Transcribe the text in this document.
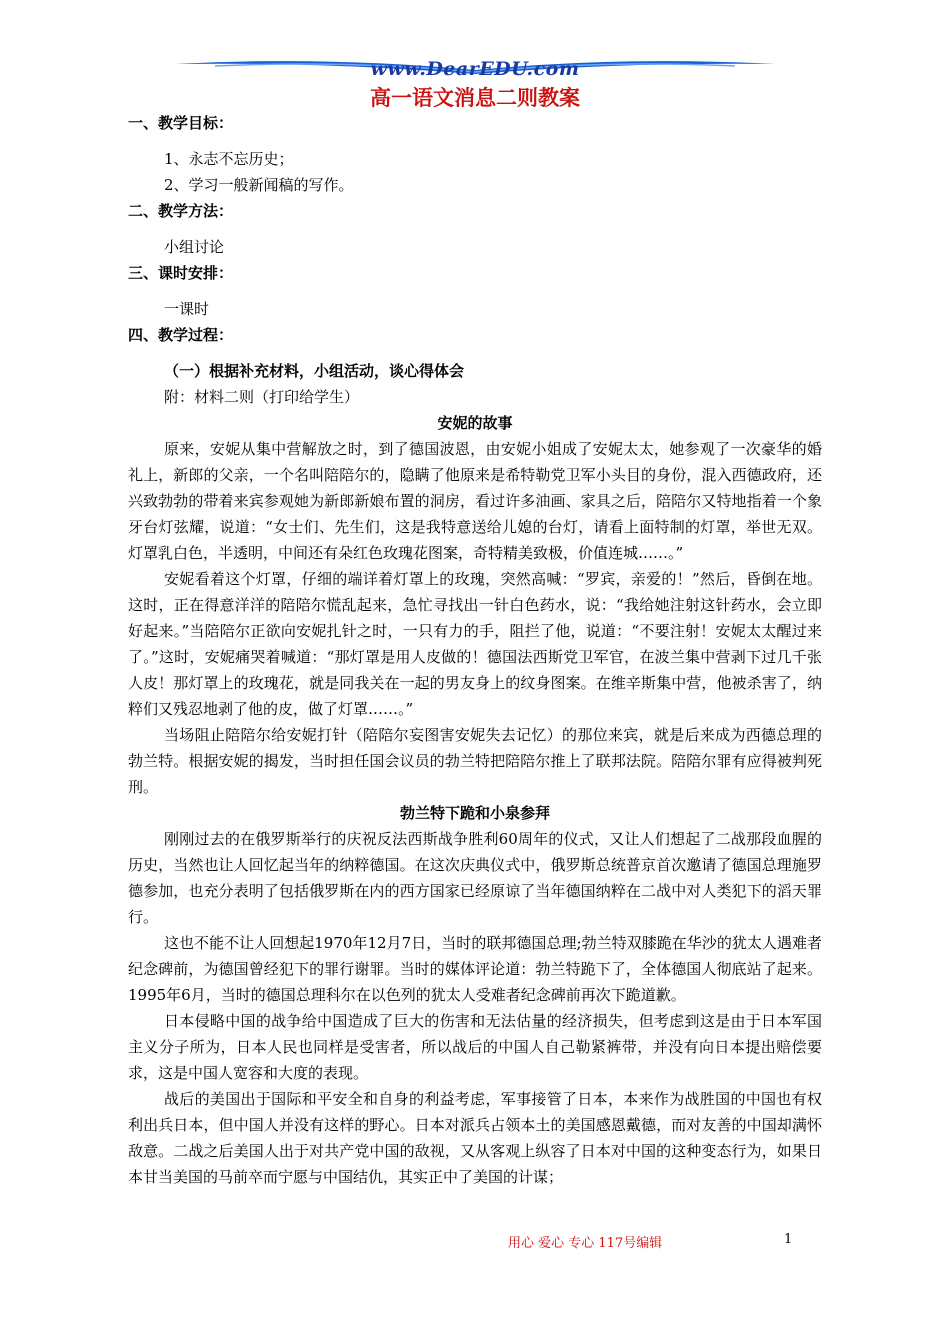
www.DearEDU.com
高一语文消息二则教案

一、教学目标：

1、永志不忘历史；

2、学习一般新闻稿的写作。

二、教学方法：

小组讨论

三、课时安排：

一课时

四、教学过程：

（一）根据补充材料，小组活动，谈心得体会

附：材料二则（打印给学生）

安妮的故事

原来，安妮从集中营解放之时，到了德国波恩，由安妮小姐成了安妮太太，她参观了一次豪华的婚礼上，新郎的父亲，一个名叫陪陪尔的，隐瞒了他原来是希特勒党卫军小头目的身份，混入西德政府，还兴致勃勃的带着来宾参观她为新郎新娘布置的洞房，看过许多油画、家具之后，陪陪尔又特地指着一个象牙台灯弦耀，说道：“女士们、先生们，这是我特意送给儿媳的台灯，请看上面特制的灯罩，举世无双。灯罩乳白色，半透明，中间还有朵红色玫瑰花图案，奇特精美致极，价值连城……。”

安妮看着这个灯罩，仔细的端详着灯罩上的玫瑰，突然高喊：“罗宾，亲爱的！”然后，昏倒在地。这时，正在得意洋洋的陪陪尔慌乱起来，急忙寻找出一针白色药水，说：“我给她注射这针药水，会立即好起来。”当陪陪尔正欲向安妮扎针之时，一只有力的手，阻拦了他，说道：“不要注射！安妮太太醒过来了。”这时，安妮痛哭着喊道：“那灯罩是用人皮做的！德国法西斯党卫军官，在波兰集中营剥下过几千张人皮！那灯罩上的玫瑰花，就是同我关在一起的男友身上的纹身图案。在维辛斯集中营，他被杀害了，纳粹们又残忍地剥了他的皮，做了灯罩……。”

当场阻止陪陪尔给安妮打针（陪陪尔妄图害安妮失去记忆）的那位来宾，就是后来成为西德总理的勃兰特。根据安妮的揭发，当时担任国会议员的勃兰特把陪陪尔推上了联邦法院。陪陪尔罪有应得被判死刑。

勃兰特下跪和小泉参拜

刚刚过去的在俄罗斯举行的庆祝反法西斯战争胜利60周年的仪式，又让人们想起了二战那段血腥的历史，当然也让人回忆起当年的纳粹德国。在这次庆典仪式中，俄罗斯总统普京首次邀请了德国总理施罗德参加，也充分表明了包括俄罗斯在内的西方国家已经原谅了当年德国纳粹在二战中对人类犯下的滔天罪行。

这也不能不让人回想起1970年12月7日，当时的联邦德国总理;勃兰特双膝跪在华沙的犹太人遇难者纪念碑前，为德国曾经犯下的罪行谢罪。当时的媒体评论道：勃兰特跪下了，全体德国人彻底站了起来。1995年6月，当时的德国总理科尔在以色列的犹太人受难者纪念碑前再次下跪道歉。

日本侵略中国的战争给中国造成了巨大的伤害和无法估量的经济损失，但考虑到这是由于日本军国主义分子所为，日本人民也同样是受害者，所以战后的中国人自己勒紧裤带，并没有向日本提出赔偿要求，这是中国人宽容和大度的表现。

战后的美国出于国际和平安全和自身的利益考虑，军事接管了日本，本来作为战胜国的中国也有权利出兵日本，但中国人并没有这样的野心。日本对派兵占领本土的美国感恩戴德，而对友善的中国却满怀敌意。二战之后美国人出于对共产党中国的敌视，又从客观上纵容了日本对中国的这种变态行为，如果日本甘当美国的马前卒而宁愿与中国结仇，其实正中了美国的计谋；

用心 爱心 专心 117号编辑	1
